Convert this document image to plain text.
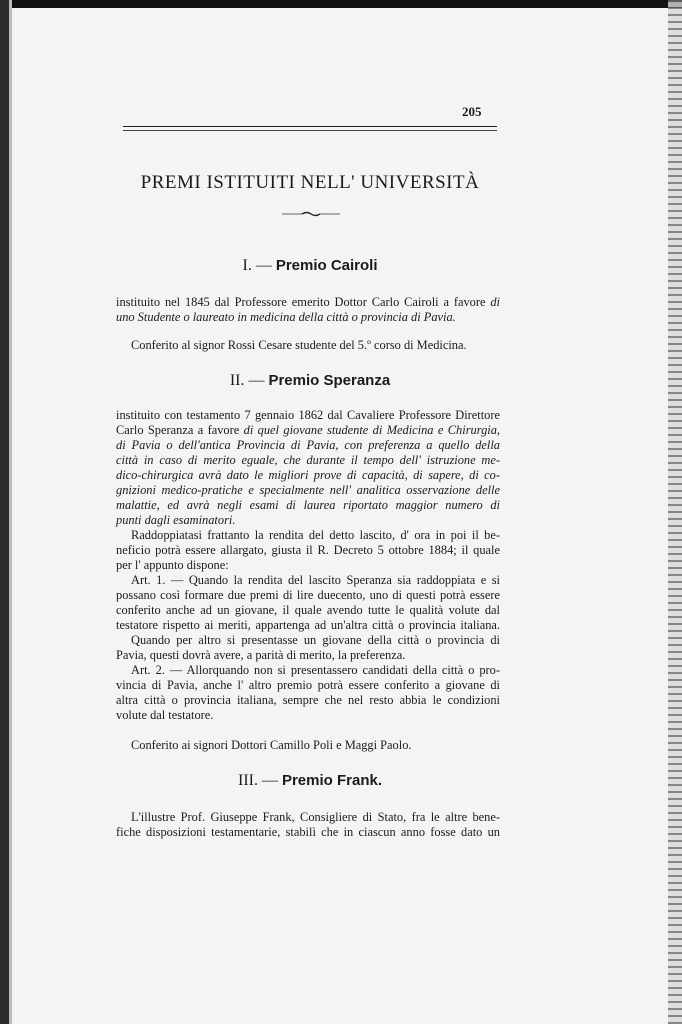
205
PREMI ISTITUITI NELL' UNIVERSITÀ
I. — Premio Cairoli
instituito nel 1845 dal Professore emerito Dottor Carlo Cairoli a favore di
uno Studente o laureato in medicina della città o provincia di Pavia.
Conferito al signor Rossi Cesare studente del 5.º corso di Medicina.
II. — Premio Speranza
instituito con testamento 7 gennaio 1862 dal Cavaliere Professore Direttore
Carlo Speranza a favore di quel giovane studente di Medicina e Chirurgia,
di Pavia o dell'antica Provincia di Pavia, con preferenza a quello della
città in caso di merito eguale, che durante il tempo dell' istruzione me-
dico-chirurgica avrà dato le migliori prove di capacità, di sapere, di co-
gnizioni medico-pratiche e specialmente nell' analitica osservazione delle
malattie, ed avrà negli esami di laurea riportato maggior numero di
punti dagli esaminatori.
Raddoppiatasi frattanto la rendita del detto lascito, d' ora in poi il be-
neficio potrà essere allargato, giusta il R. Decreto 5 ottobre 1884; il quale
per l' appunto dispone:
Art. 1. — Quando la rendita del lascito Speranza sia raddoppiata e si
possano così formare due premi di lire duecento, uno di questi potrà essere
conferito anche ad un giovane, il quale avendo tutte le qualità volute dal
testatore rispetto ai meriti, appartenga ad un'altra città o provincia italiana.
Quando per altro si presentasse un giovane della città o provincia di
Pavia, questi dovrà avere, a parità di merito, la preferenza.
Art. 2. — Allorquando non si presentassero candidati della città o pro-
vincia di Pavia, anche l' altro premio potrà essere conferito a giovane di
altra città o provincia italiana, sempre che nel resto abbia le condizioni
volute dal testatore.
Conferito ai signori Dottori Camillo Poli e Maggi Paolo.
III. — Premio Frank.
L'illustre Prof. Giuseppe Frank, Consigliere di Stato, fra le altre bene-
fiche disposizioni testamentarie, stabilì che in ciascun anno fosse dato un
